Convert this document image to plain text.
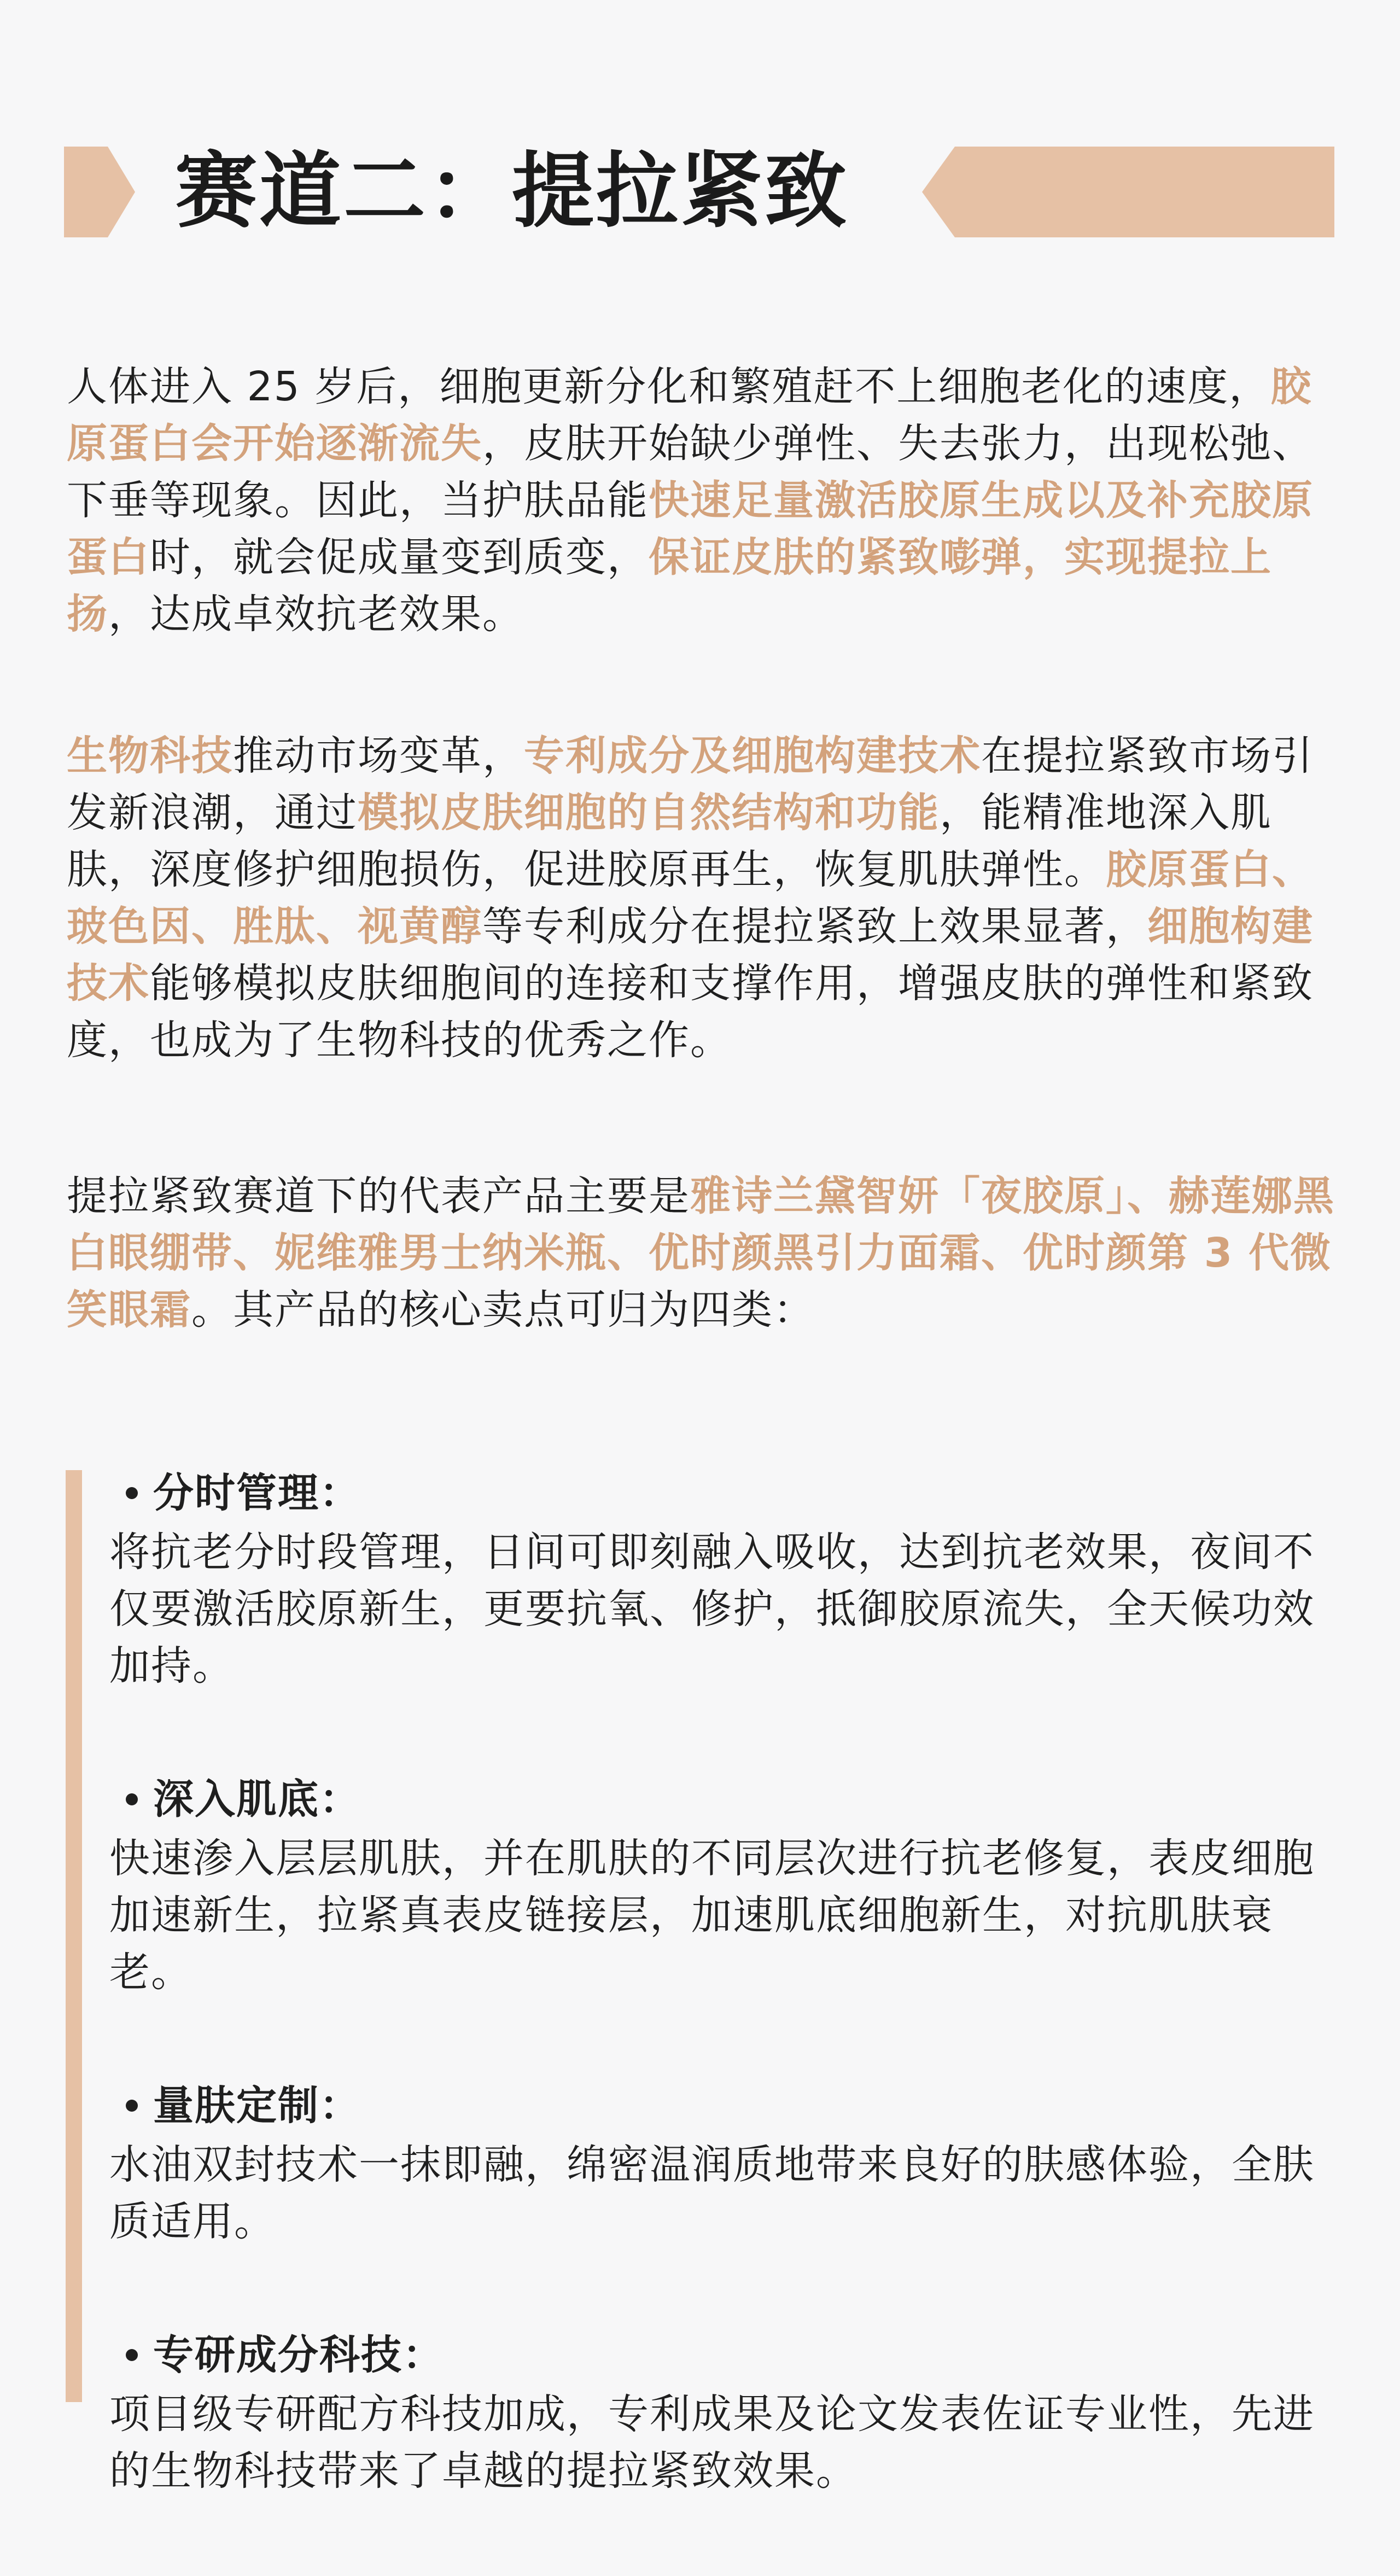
赛道二：提拉紧致

人体进入 25 岁后，细胞更新分化和繁殖赶不上细胞老化的速度，胶原蛋白会开始逐渐流失，皮肤开始缺少弹性、失去张力，出现松弛、下垂等现象。因此，当护肤品能快速足量激活胶原生成以及补充胶原蛋白时，就会促成量变到质变，保证皮肤的紧致嘭弹，实现提拉上扬，达成卓效抗老效果。

生物科技推动市场变革，专利成分及细胞构建技术在提拉紧致市场引发新浪潮，通过模拟皮肤细胞的自然结构和功能，能精准地深入肌肤，深度修护细胞损伤，促进胶原再生，恢复肌肤弹性。胶原蛋白、玻色因、胜肽、视黄醇等专利成分在提拉紧致上效果显著，细胞构建技术能够模拟皮肤细胞间的连接和支撑作用，增强皮肤的弹性和紧致度，也成为了生物科技的优秀之作。

提拉紧致赛道下的代表产品主要是雅诗兰黛智妍「夜胶原」、赫莲娜黑白眼绷带、妮维雅男士纳米瓶、优时颜黑引力面霜、优时颜第 3 代微笑眼霜。其产品的核心卖点可归为四类：

分时管理：

将抗老分时段管理，日间可即刻融入吸收，达到抗老效果，夜间不仅要激活胶原新生，更要抗氧、修护，抵御胶原流失，全天候功效加持。

深入肌底：

快速渗入层层肌肤，并在肌肤的不同层次进行抗老修复，表皮细胞加速新生，拉紧真表皮链接层，加速肌底细胞新生，对抗肌肤衰老。

量肤定制：

水油双封技术一抹即融，绵密温润质地带来良好的肤感体验，全肤质适用。

专研成分科技：

项目级专研配方科技加成，专利成果及论文发表佐证专业性，先进的生物科技带来了卓越的提拉紧致效果。
